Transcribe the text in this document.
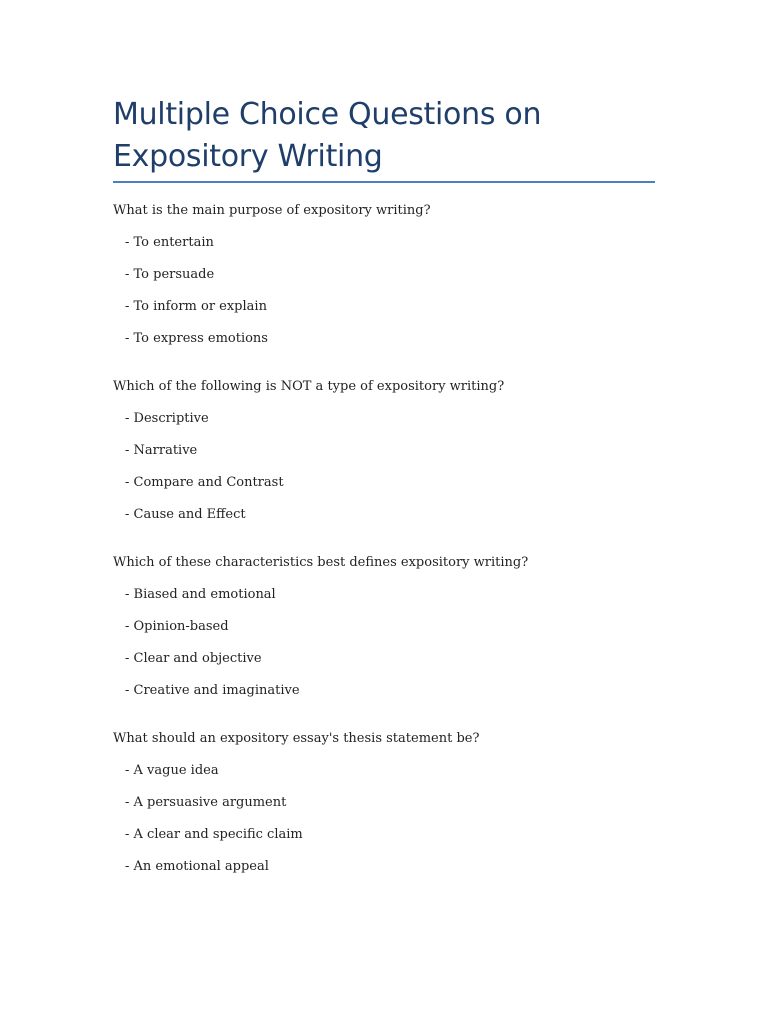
Multiple Choice Questions on
Expository Writing

What is the main purpose of expository writing?

- To entertain

- To persuade

- To inform or explain

- To express emotions

Which of the following is NOT a type of expository writing?

- Descriptive

- Narrative

- Compare and Contrast

- Cause and Effect

Which of these characteristics best defines expository writing?

- Biased and emotional

- Opinion-based

- Clear and objective

- Creative and imaginative

What should an expository essay's thesis statement be?

- A vague idea

- A persuasive argument

- A clear and specific claim

- An emotional appeal
